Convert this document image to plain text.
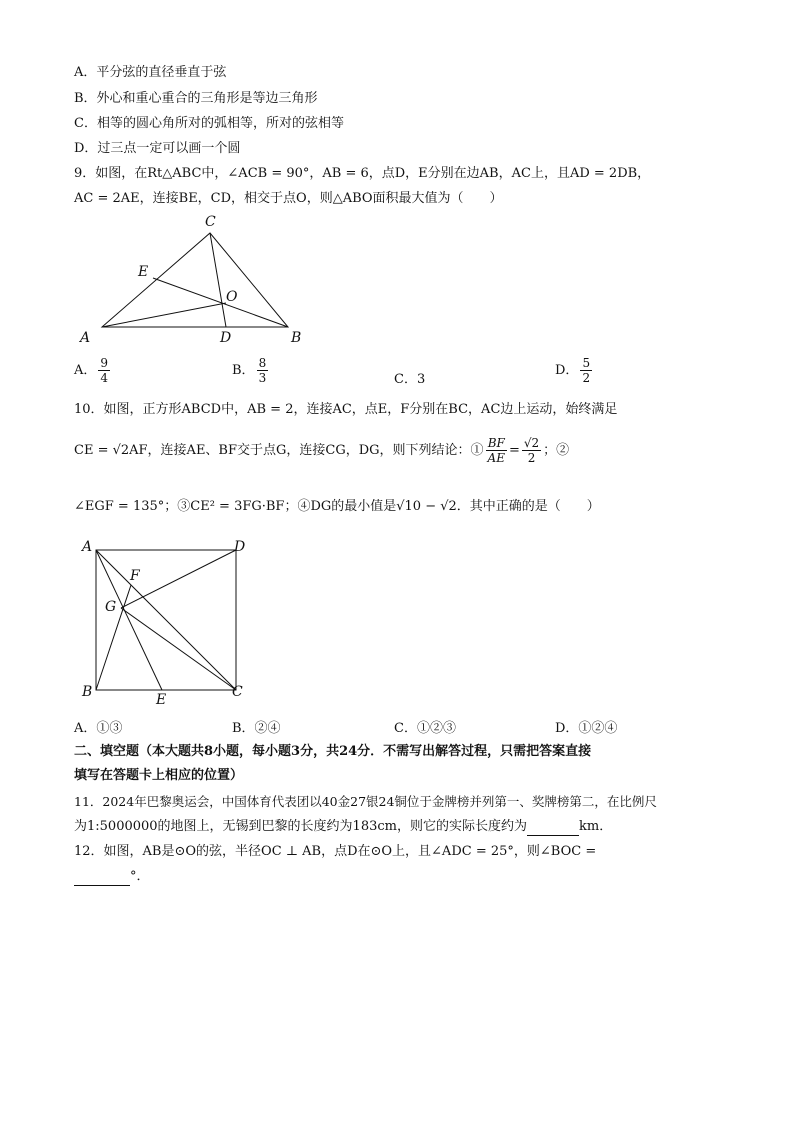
A．平分弦的直径垂直于弦
B．外心和重心重合的三角形是等边三角形
C．相等的圆心角所对的弧相等，所对的弦相等
D．过三点一定可以画一个圆
9．如图，在Rt△ABC中，∠ACB = 90°，AB = 6，点D，E分别在边AB，AC上，且AD = 2DB，
AC = 2AE，连接BE，CD，相交于点O，则△ABO面积最大值为（　　）
C
E
O
A	D	B
A． $\frac{9}{4}$	B． $\frac{8}{3}$	C．3
D． $\frac{5}{2}$
10．如图，正方形ABCD中，AB = 2，连接AC，点E，F分别在BC，AC边上运动，始终满足
CE = √2AF，连接AE、BF交于点G，连接CG，DG，则下列结论：① $\frac{BF}{AE} = \frac{√2}{2}$ ；②
∠EGF = 135°；③CE² = 3FG·BF；④DG的最小值是√10 − √2．其中正确的是（　　）
A	D
F
G
B	E	C
A．①③	B．②④	C．①②③	D．①②④
二、填空题（本大题共8小题，每小题3分，共24分．不需写出解答过程，只需把答案直接
填写在答题卡上相应的位置）
11．2024年巴黎奥运会，中国体育代表团以40金27银24铜位于金牌榜并列第一、奖牌榜第二，在比例尺
为1:5000000的地图上，无锡到巴黎的长度约为183cm，则它的实际长度约为	km．
12．如图，AB是⊙O的弦，半径OC ⊥ AB，点D在⊙O上，且∠ADC = 25°，则∠BOC =
°．
